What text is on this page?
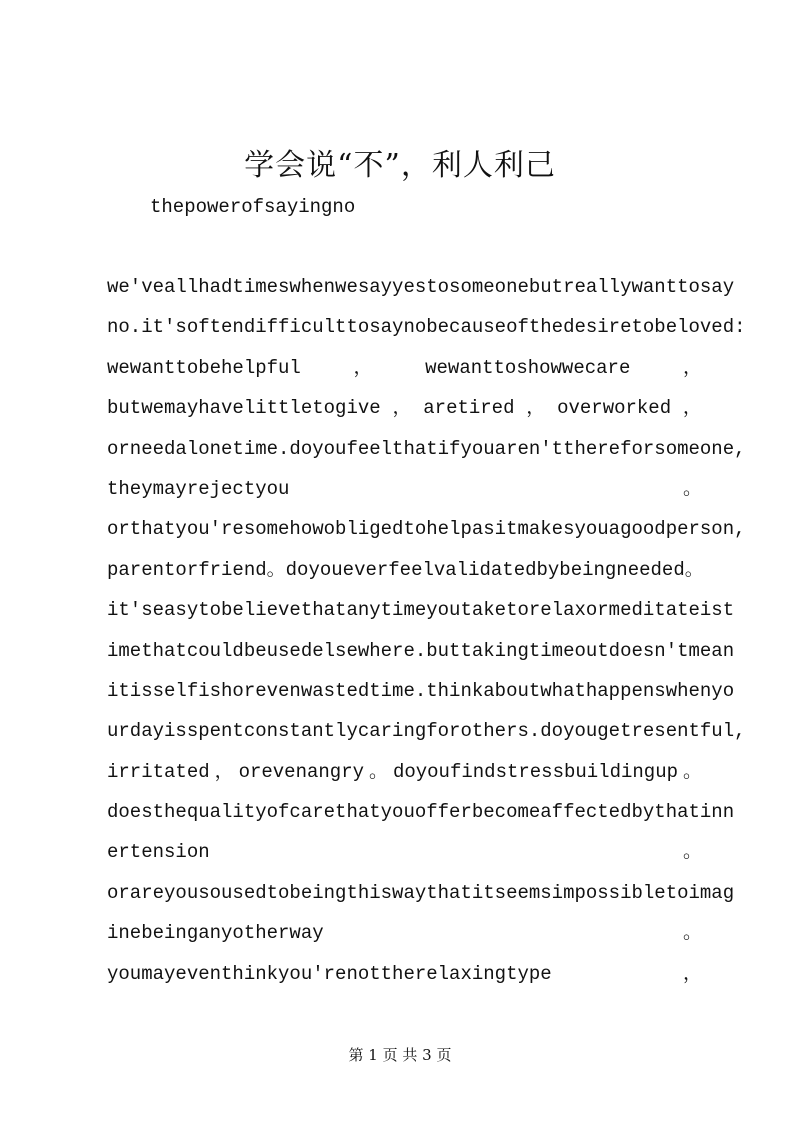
学会说“不”，利人利己
thepowerofsayingno
we'veallhadtimeswhenwesayyestosomeonebutreallywanttosay
no.it'softendifficulttosaynobecauseofthedesiretobeloved:
wewanttobehelpful	，	wewanttoshowwecare	，
butwemayhavelittletogive ， aretired ， overworked ，
orneedalonetime.doyoufeelthatifyouaren'tthereforsomeone,
theymayrejectyou	。
orthatyou'resomehowobligedtohelpasitmakesyouagoodperson,
parentorfriend 。 doyoueverfeelvalidatedbybeingneeded 。
it'seasytobelievethatanytimeyoutaketorelaxormeditateist
imethatcouldbeusedelsewhere.buttakingtimeoutdoesn'tmean
itisselfishorevenwastedtime.thinkaboutwhathappenswhenyo
urdayisspentconstantlycaringforothers.doyougetresentful,
irritated ， orevenangry 。 doyoufindstressbuildingup 。
doesthequalityofcarethatyouofferbecomeaffectedbythatinn
ertension	。
orareyousousedtobeingthiswaythatitseemsimpossibletoimag
inebeinganyotherway	。
youmayeventhinkyou'renottherelaxingtype	，
第 1 页 共 3 页
